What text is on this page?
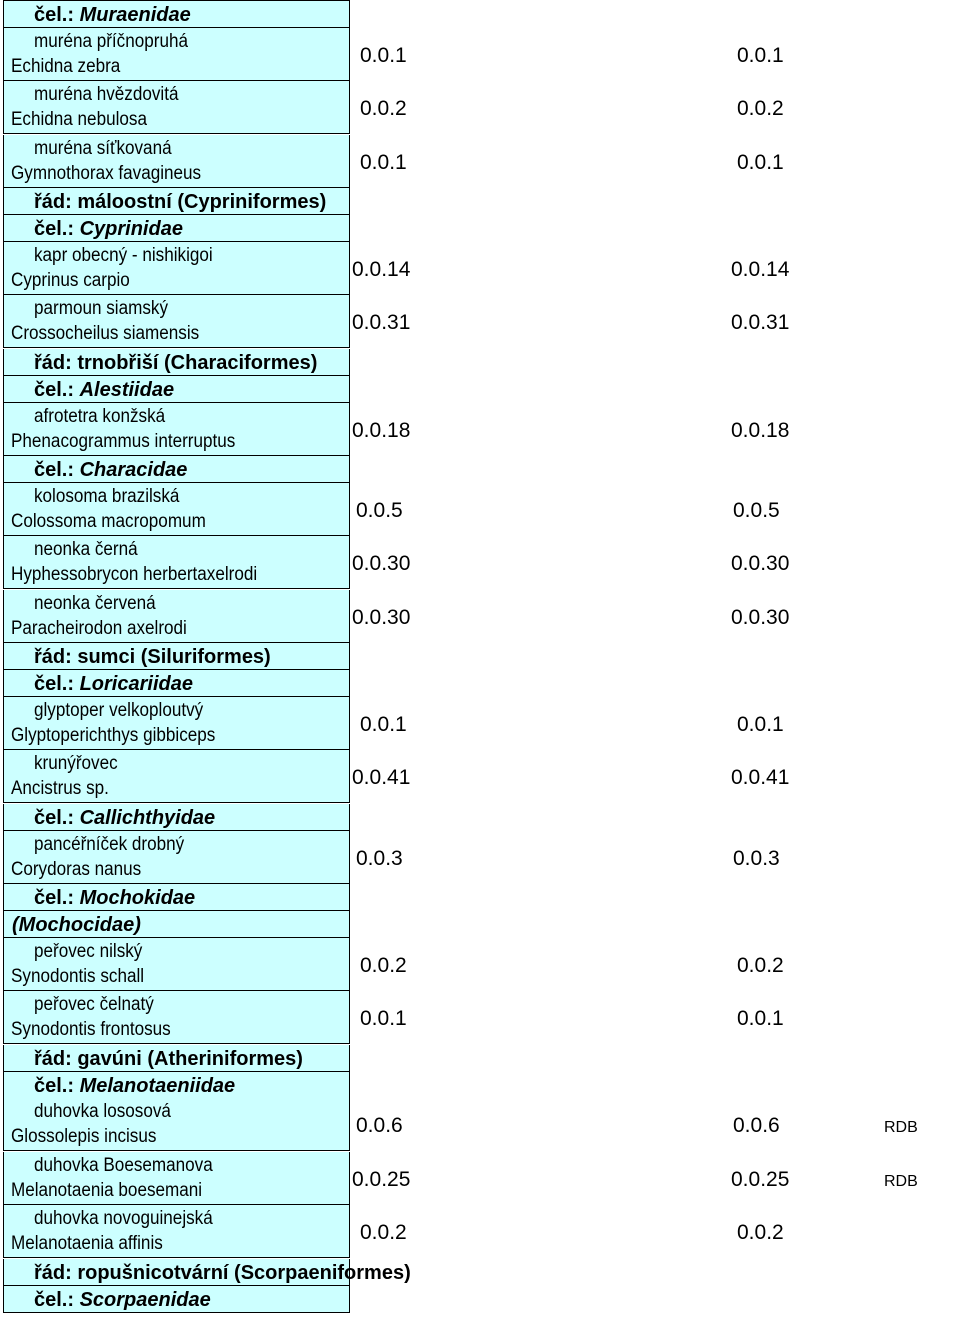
čel.: Muraenidae
muréna příčnopruhá
Echidna zebra	0.0.1	0.0.1
muréna hvězdovitá
Echidna nebulosa	0.0.2	0.0.2
muréna síťkovaná
Gymnothorax favagineus	0.0.1	0.0.1
řád: máloostní (Cypriniformes)
čel.: Cyprinidae
kapr obecný - nishikigoi
Cyprinus carpio	0.0.14	0.0.14
parmoun siamský
Crossocheilus siamensis	0.0.31	0.0.31
řád: trnobřiší (Characiformes)
čel.: Alestiidae
afrotetra konžská
Phenacogrammus interruptus	0.0.18	0.0.18
čel.: Characidae
kolosoma brazilská
Colossoma macropomum	0.0.5	0.0.5
neonka černá
Hyphessobrycon herbertaxelrodi	0.0.30	0.0.30
neonka červená
Paracheirodon axelrodi	0.0.30	0.0.30
řád: sumci (Siluriformes)
čel.: Loricariidae
glyptoper velkoploutvý
Glyptoperichthys gibbiceps	0.0.1	0.0.1
krunýřovec
Ancistrus sp.	0.0.41	0.0.41
čel.: Callichthyidae
pancéřníček drobný
Corydoras nanus	0.0.3	0.0.3
čel.: Mochokidae
(Mochocidae)
peřovec nilský
Synodontis schall	0.0.2	0.0.2
peřovec čelnatý
Synodontis frontosus	0.0.1	0.0.1
řád: gavúni (Atheriniformes)
čel.: Melanotaeniidae
duhovka lososová
Glossolepis incisus	0.0.6	0.0.6	RDB
duhovka Boesemanova
Melanotaenia boesemani	0.0.25	0.0.25	RDB
duhovka novoguinejská
Melanotaenia affinis	0.0.2	0.0.2
řád: ropušnicotvární (Scorpaeniformes)
čel.: Scorpaenidae
